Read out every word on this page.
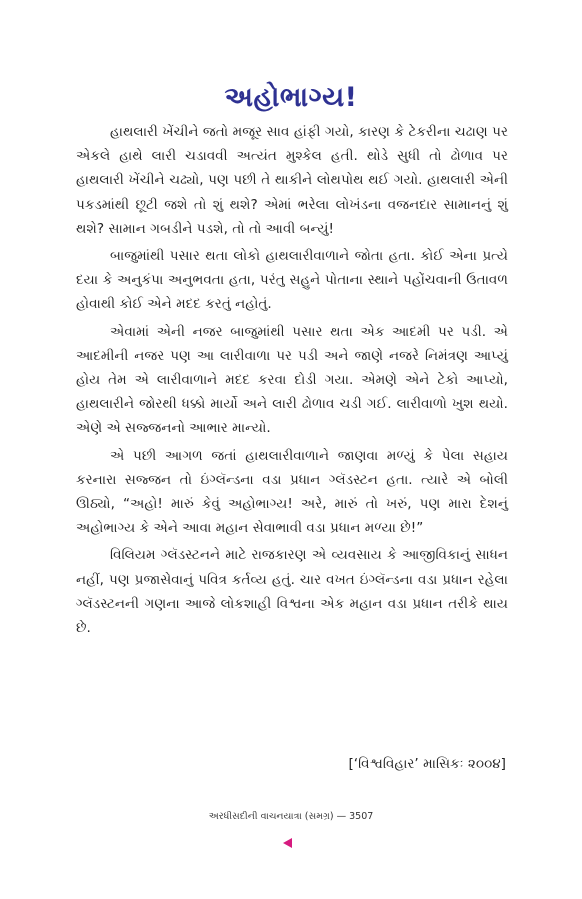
અહોભાગ્ય!

હાથલારી ખેંચીને જતો મજૂર સાવ હાંફી ગયો, કારણ કે ટેકરીના ચઢાણ પર એકલે હાથે લારી ચડાવવી અત્યંત મુશ્કેલ હતી. થોડે સુધી તો ઢોળાવ પર હાથલારી ખેંચીને ચઢ્યો, પણ પછી તે થાકીને લોથપોથ થઈ ગયો. હાથલારી એની પકડમાંથી છૂટી જશે તો શું થશે? એમાં ભરેલા લોખંડના વજનદાર સામાનનું શું થશે? સામાન ગબડીને પડશે, તો તો આવી બન્યું!

બાજુમાંથી પસાર થતા લોકો હાથલારીવાળાને જોતા હતા. કોઈ એના પ્રત્યે દયા કે અનુકંપા અનુભવતા હતા, પરંતુ સહુને પોતાના સ્થાને પહોંચવાની ઉતાવળ હોવાથી કોઈ એને મદદ કરતું નહોતું.

એવામાં એની નજર બાજુમાંથી પસાર થતા એક આદમી પર પડી. એ આદમીની નજર પણ આ લારીવાળા પર પડી અને જાણે નજરે નિમંત્રણ આપ્યું હોય તેમ એ લારીવાળાને મદદ કરવા દોડી ગયા. એમણે એને ટેકો આપ્યો, હાથલારીને જોરથી ધક્કો માર્યો અને લારી ઢોળાવ ચડી ગઈ. લારીવાળો ખુશ થયો. એણે એ સજ્જનનો આભાર માન્યો.

એ પછી આગળ જતાં હાથલારીવાળાને જાણવા મળ્યું કે પેલા સહાય કરનારા સજ્જન તો ઇંગ્લૅન્ડના વડા પ્રધાન ગ્લૅડસ્ટન હતા. ત્યારે એ બોલી ઊઠ્યો, “અહો! મારું કેવું અહોભાગ્ય! અરે, મારું તો ખરું, પણ મારા દેશનું અહોભાગ્ય કે એને આવા મહાન સેવાભાવી વડા પ્રધાન મળ્યા છે!”

વિલિયમ ગ્લૅડસ્ટનને માટે રાજકારણ એ વ્યવસાય કે આજીવિકાનું સાધન નહીં, પણ પ્રજાસેવાનું પવિત્ર કર્તવ્ય હતું. ચાર વખત ઇંગ્લૅન્ડના વડા પ્રધાન રહેલા ગ્લૅડસ્ટનની ગણના આજે લોકશાહી વિશ્વના એક મહાન વડા પ્રધાન તરીકે થાય છે.

[‘વિશ્વવિહાર’ માસિકઃ ૨૦૦૪]
અરધીસદીની વાચનયાત્રા (સમગ્ર) — 3507
